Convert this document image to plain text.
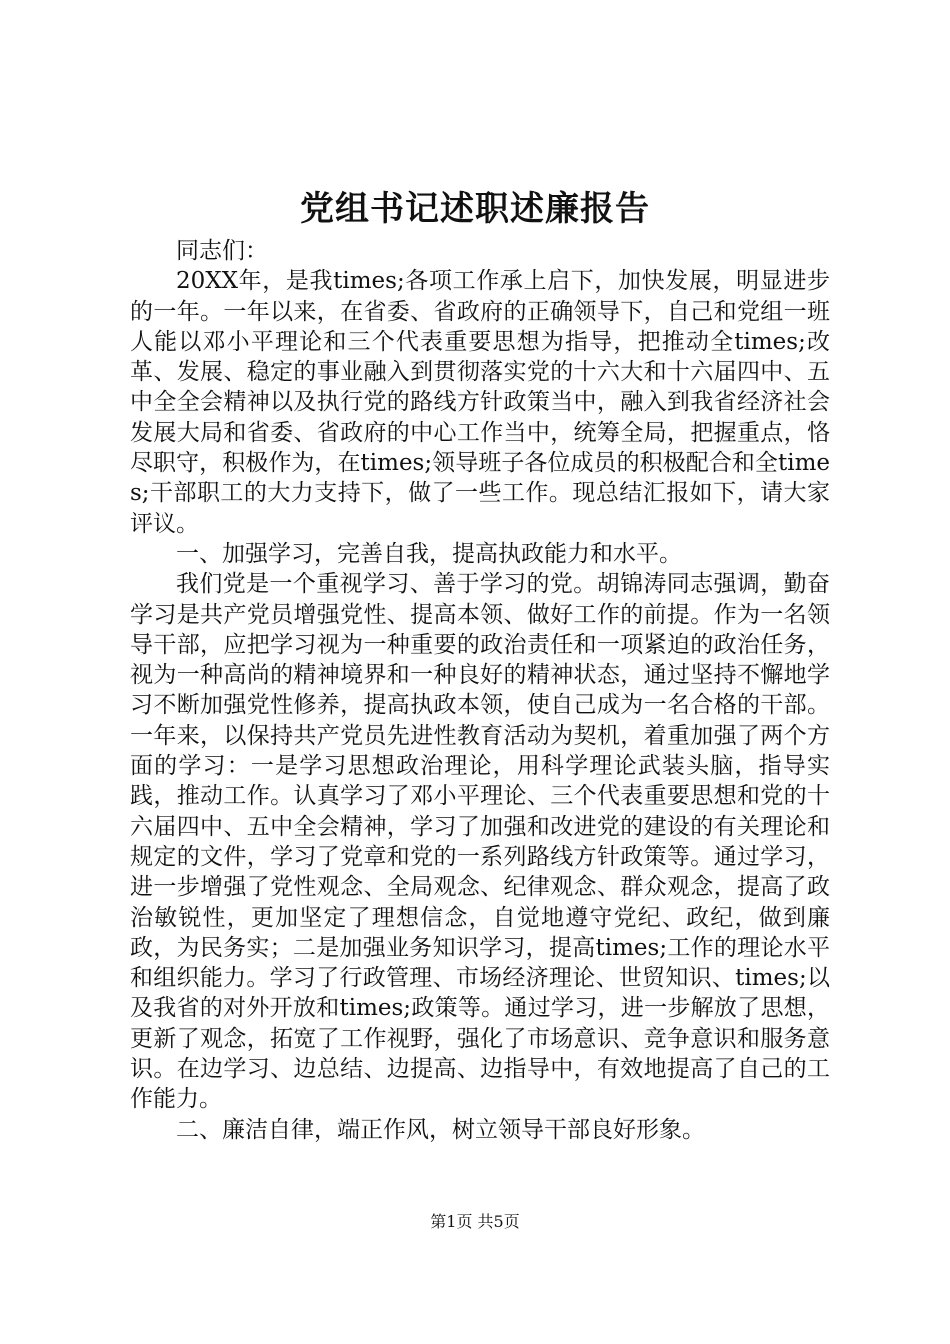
党组书记述职述廉报告

同志们：

20XX年，是我times;各项工作承上启下，加快发展，明显进步的一年。一年以来，在省委、省政府的正确领导下，自己和党组一班人能以邓小平理论和三个代表重要思想为指导，把推动全times;改革、发展、稳定的事业融入到贯彻落实党的十六大和十六届四中、五中全全会精神以及执行党的路线方针政策当中，融入到我省经济社会发展大局和省委、省政府的中心工作当中，统筹全局，把握重点，恪尽职守，积极作为，在times;领导班子各位成员的积极配合和全times;干部职工的大力支持下，做了一些工作。现总结汇报如下，请大家评议。

一、加强学习，完善自我，提高执政能力和水平。

我们党是一个重视学习、善于学习的党。胡锦涛同志强调，勤奋学习是共产党员增强党性、提高本领、做好工作的前提。作为一名领导干部，应把学习视为一种重要的政治责任和一项紧迫的政治任务，视为一种高尚的精神境界和一种良好的精神状态，通过坚持不懈地学习不断加强党性修养，提高执政本领，使自己成为一名合格的干部。一年来，以保持共产党员先进性教育活动为契机，着重加强了两个方面的学习：一是学习思想政治理论，用科学理论武装头脑，指导实践，推动工作。认真学习了邓小平理论、三个代表重要思想和党的十六届四中、五中全会精神，学习了加强和改进党的建设的有关理论和规定的文件，学习了党章和党的一系列路线方针政策等。通过学习，进一步增强了党性观念、全局观念、纪律观念、群众观念，提高了政治敏锐性，更加坚定了理想信念，自觉地遵守党纪、政纪，做到廉政，为民务实；二是加强业务知识学习，提高times;工作的理论水平和组织能力。学习了行政管理、市场经济理论、世贸知识、times;以及我省的对外开放和times;政策等。通过学习，进一步解放了思想，更新了观念，拓宽了工作视野，强化了市场意识、竞争意识和服务意识。在边学习、边总结、边提高、边指导中，有效地提高了自己的工作能力。

二、廉洁自律，端正作风，树立领导干部良好形象。

第1页 共5页
